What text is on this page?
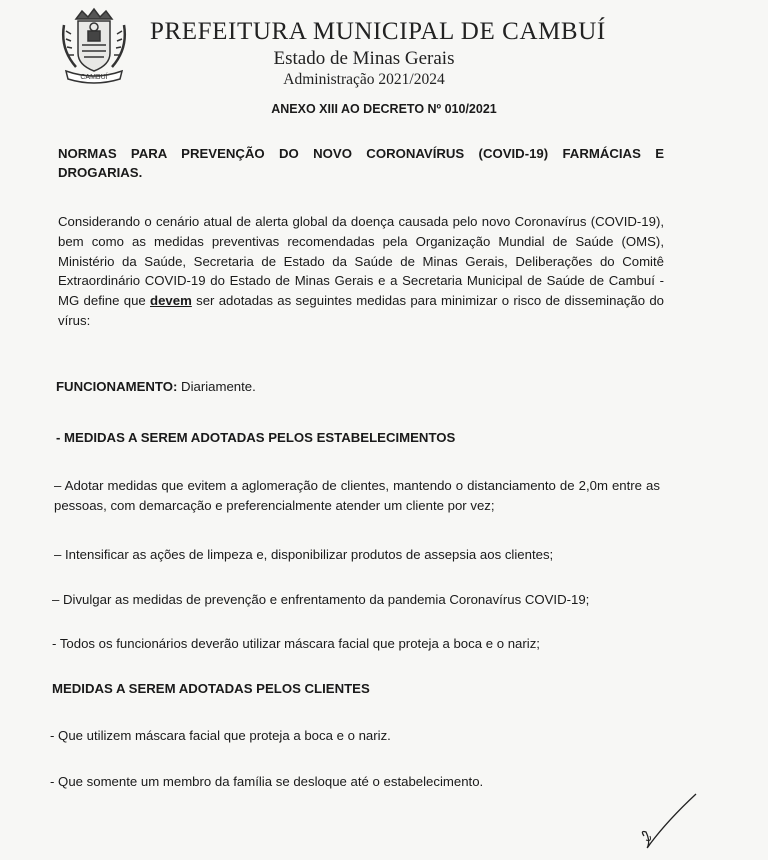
CAMBUÍ
PREFEITURA MUNICIPAL DE CAMBUÍ
Estado de Minas Gerais
Administração 2021/2024
ANEXO XIII AO DECRETO Nº 010/2021
NORMAS PARA PREVENÇÃO DO NOVO CORONAVÍRUS (COVID-19) FARMÁCIAS E DROGARIAS.
Considerando o cenário atual de alerta global da doença causada pelo novo Coronavírus (COVID-19), bem como as medidas preventivas recomendadas pela Organização Mundial de Saúde (OMS), Ministério da Saúde, Secretaria de Estado da Saúde de Minas Gerais, Deliberações do Comitê Extraordinário COVID-19 do Estado de Minas Gerais e a Secretaria Municipal de Saúde de Cambuí - MG define que devem ser adotadas as seguintes medidas para minimizar o risco de disseminação do vírus:
FUNCIONAMENTO: Diariamente.
- MEDIDAS A SEREM ADOTADAS PELOS ESTABELECIMENTOS
– Adotar medidas que evitem a aglomeração de clientes, mantendo o distanciamento de 2,0m entre as pessoas, com demarcação e preferencialmente atender um cliente por vez;
– Intensificar as ações de limpeza e, disponibilizar produtos de assepsia aos clientes;
– Divulgar as medidas de prevenção e enfrentamento da pandemia Coronavírus COVID-19;
- Todos os funcionários deverão utilizar máscara facial que proteja a boca e o nariz;
MEDIDAS A SEREM ADOTADAS PELOS CLIENTES
- Que utilizem máscara facial que proteja a boca e o nariz.
- Que somente um membro da família se desloque até o estabelecimento.
